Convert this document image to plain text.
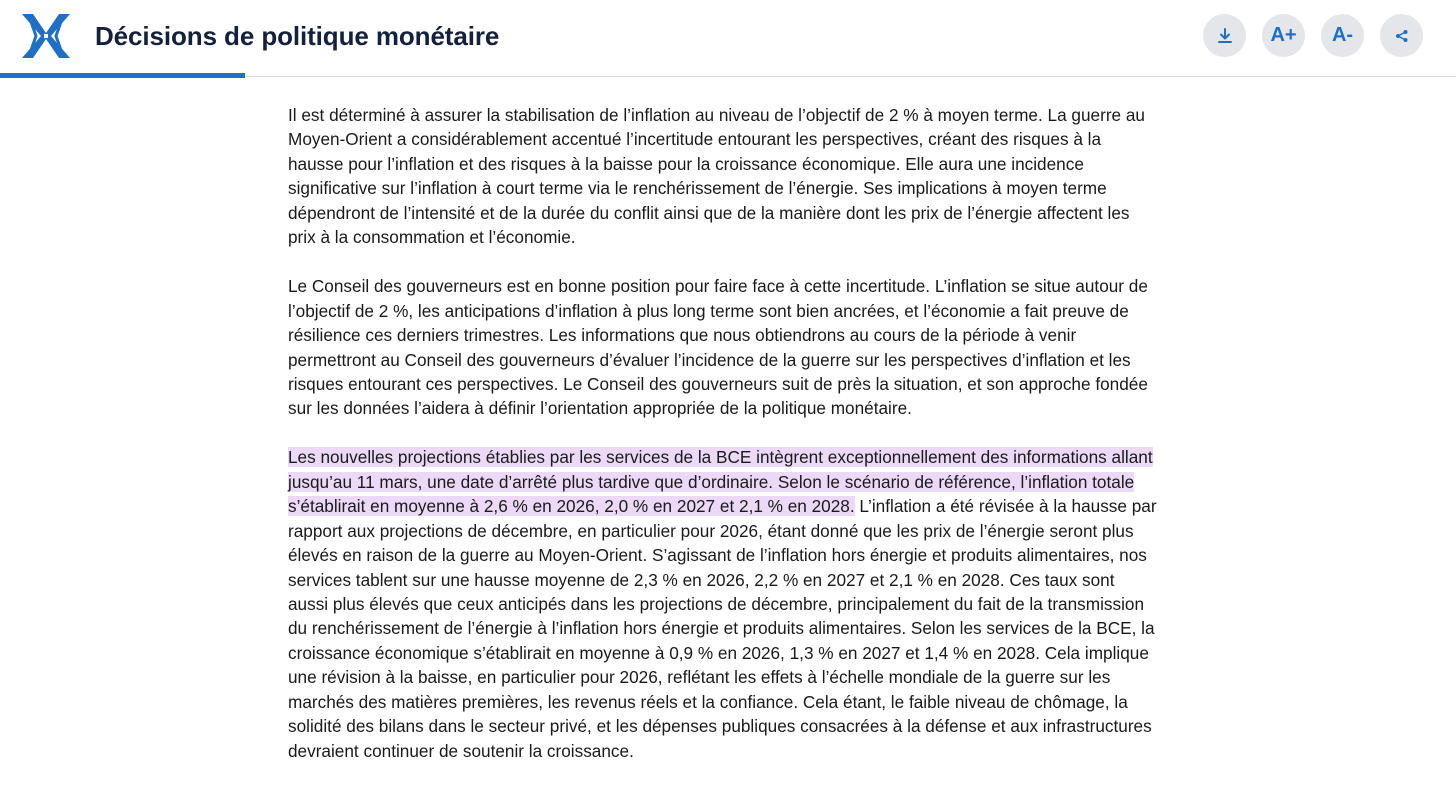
Décisions de politique monétaire	A+	A-

Il est déterminé à assurer la stabilisation de l’inflation au niveau de l’objectif de 2 % à moyen terme. La guerre au Moyen-Orient a considérablement accentué l’incertitude entourant les perspectives, créant des risques à la hausse pour l’inflation et des risques à la baisse pour la croissance économique. Elle aura une incidence significative sur l’inflation à court terme via le renchérissement de l’énergie. Ses implications à moyen terme dépendront de l’intensité et de la durée du conflit ainsi que de la manière dont les prix de l’énergie affectent les prix à la consommation et l’économie.

Le Conseil des gouverneurs est en bonne position pour faire face à cette incertitude. L’inflation se situe autour de l’objectif de 2 %, les anticipations d’inflation à plus long terme sont bien ancrées, et l’économie a fait preuve de résilience ces derniers trimestres. Les informations que nous obtiendrons au cours de la période à venir permettront au Conseil des gouverneurs d’évaluer l’incidence de la guerre sur les perspectives d’inflation et les risques entourant ces perspectives. Le Conseil des gouverneurs suit de près la situation, et son approche fondée sur les données l’aidera à définir l’orientation appropriée de la politique monétaire.

Les nouvelles projections établies par les services de la BCE intègrent exceptionnellement des informations allant jusqu’au 11 mars, une date d’arrêté plus tardive que d’ordinaire. Selon le scénario de référence, l’inflation totale s’établirait en moyenne à 2,6 % en 2026, 2,0 % en 2027 et 2,1 % en 2028. L’inflation a été révisée à la hausse par rapport aux projections de décembre, en particulier pour 2026, étant donné que les prix de l’énergie seront plus élevés en raison de la guerre au Moyen-Orient. S’agissant de l’inflation hors énergie et produits alimentaires, nos services tablent sur une hausse moyenne de 2,3 % en 2026, 2,2 % en 2027 et 2,1 % en 2028. Ces taux sont aussi plus élevés que ceux anticipés dans les projections de décembre, principalement du fait de la transmission du renchérissement de l’énergie à l’inflation hors énergie et produits alimentaires. Selon les services de la BCE, la croissance économique s’établirait en moyenne à 0,9 % en 2026, 1,3 % en 2027 et 1,4 % en 2028. Cela implique une révision à la baisse, en particulier pour 2026, reflétant les effets à l’échelle mondiale de la guerre sur les marchés des matières premières, les revenus réels et la confiance. Cela étant, le faible niveau de chômage, la solidité des bilans dans le secteur privé, et les dépenses publiques consacrées à la défense et aux infrastructures devraient continuer de soutenir la croissance.
